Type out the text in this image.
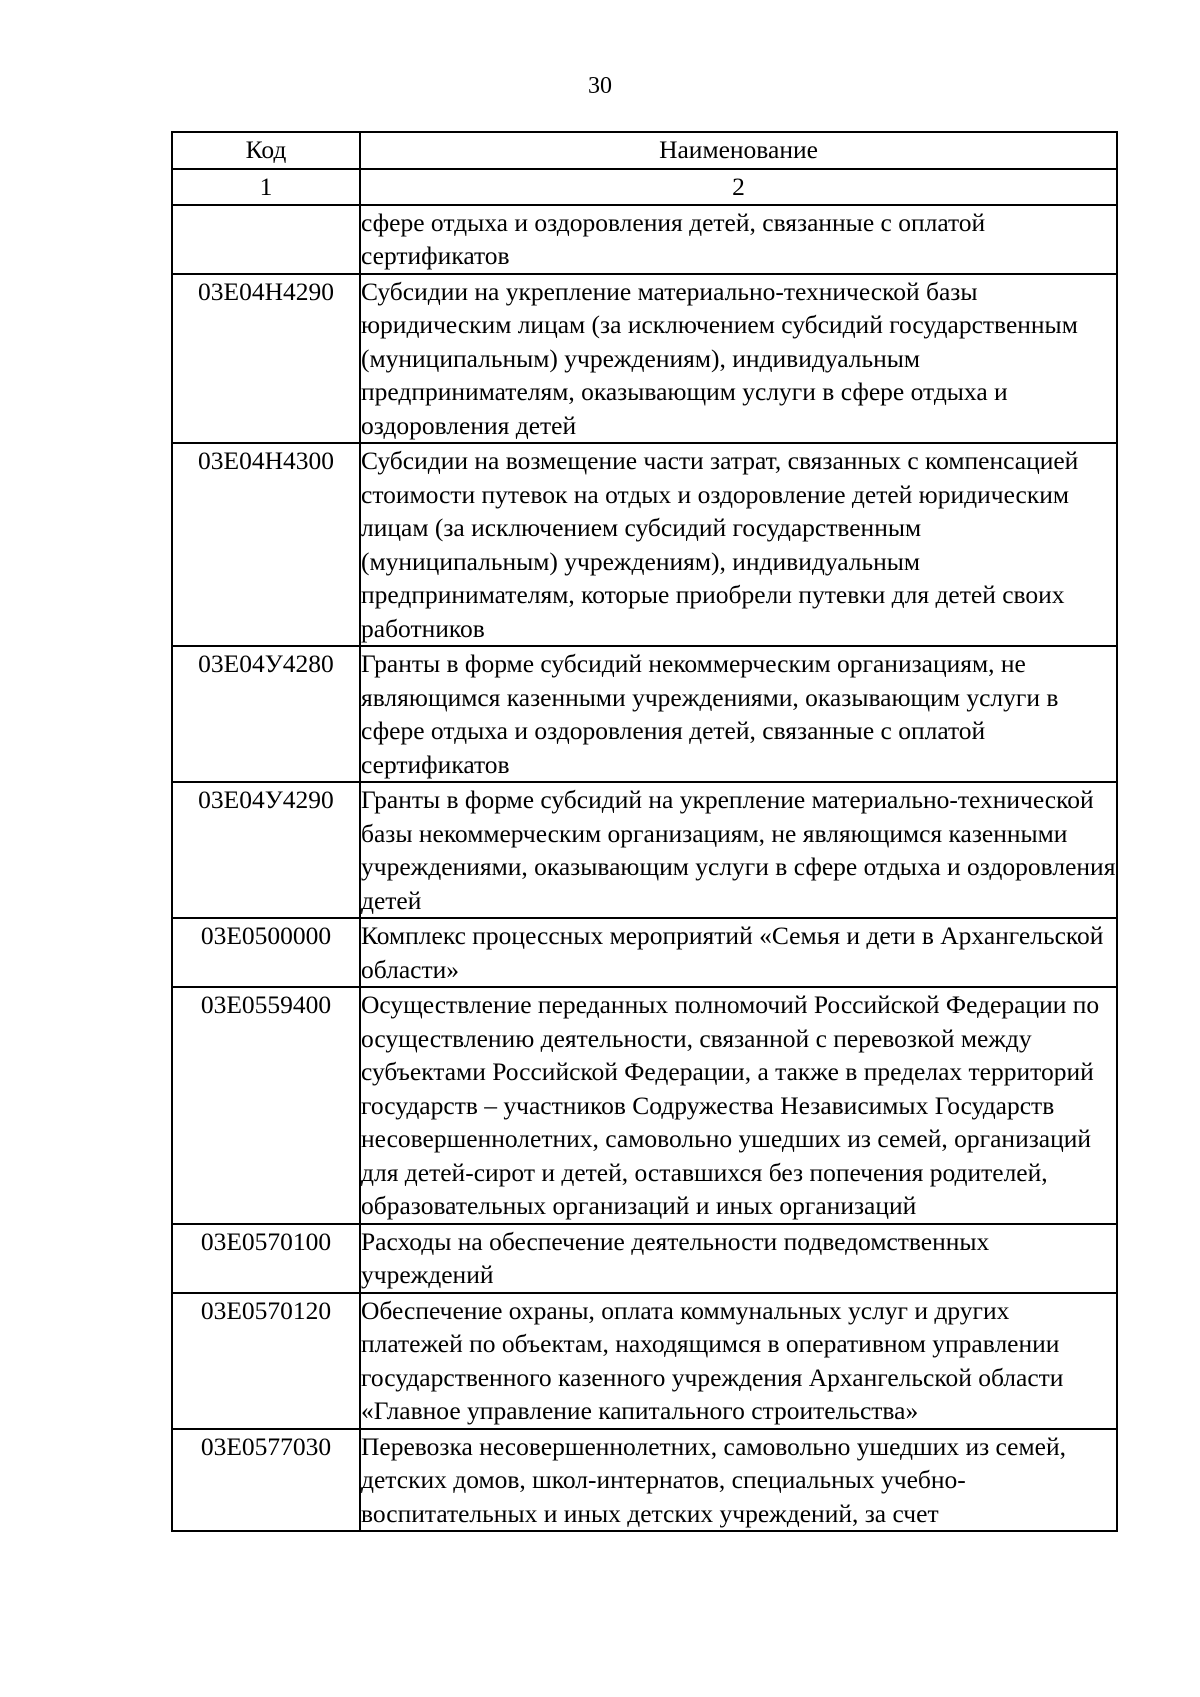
30
Код	Наименование
1	2
	сфере отдыха и оздоровления детей, связанные с оплатой сертификатов
03Е04Н4290	Субсидии на укрепление материально-технической базы юридическим лицам (за исключением субсидий государственным (муниципальным) учреждениям), индивидуальным предпринимателям, оказывающим услуги в сфере отдыха и оздоровления детей
03Е04Н4300	Субсидии на возмещение части затрат, связанных с компенсацией стоимости путевок на отдых и оздоровление детей юридическим лицам (за исключением субсидий государственным (муниципальным) учреждениям), индивидуальным предпринимателям, которые приобрели путевки для детей своих работников
03Е04У4280	Гранты в форме субсидий некоммерческим организациям, не являющимся казенными учреждениями, оказывающим услуги в сфере отдыха и оздоровления детей, связанные с оплатой сертификатов
03Е04У4290	Гранты в форме субсидий на укрепление материально-технической базы некоммерческим организациям, не являющимся казенными учреждениями, оказывающим услуги в сфере отдыха и оздоровления детей
03Е0500000	Комплекс процессных мероприятий «Семья и дети в Архангельской области»
03Е0559400	Осуществление переданных полномочий Российской Федерации по осуществлению деятельности, связанной с перевозкой между субъектами Российской Федерации, а также в пределах территорий государств – участников Содружества Независимых Государств несовершеннолетних, самовольно ушедших из семей, организаций для детей-сирот и детей, оставшихся без попечения родителей, образовательных организаций и иных организаций
03Е0570100	Расходы на обеспечение деятельности подведомственных учреждений
03Е0570120	Обеспечение охраны, оплата коммунальных услуг и других платежей по объектам, находящимся в оперативном управлении государственного казенного учреждения Архангельской области «Главное управление капитального строительства»
03Е0577030	Перевозка несовершеннолетних, самовольно ушедших из семей, детских домов, школ-интернатов, специальных учебно-воспитательных и иных детских учреждений, за счет
